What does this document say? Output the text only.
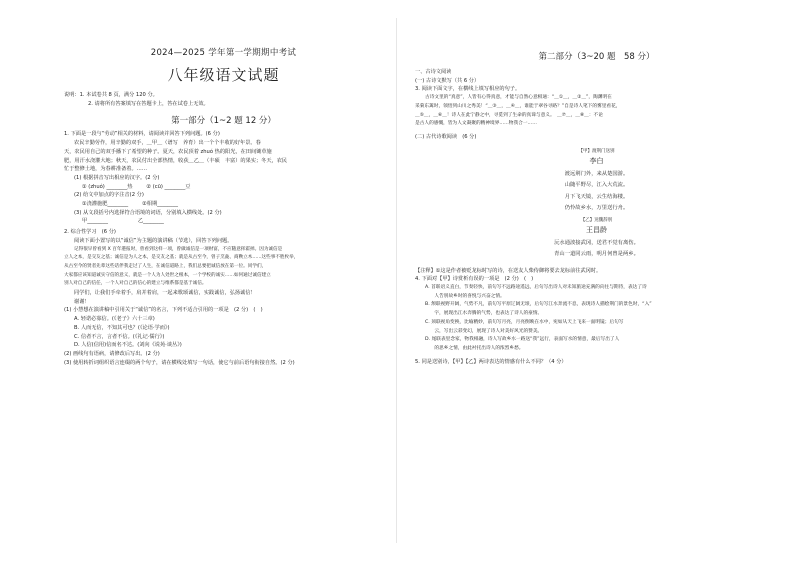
2024—2025 学年第一学期期中考试
八年级语文试题
说明：1. 本试卷共 8 页，满分 120 分。
2. 请将所有答案填写在答题卡上，答在试卷上无效。
第一部分（1~2 题 12 分）
1. 下面是一段与“劳动”相关的材料，请阅读并回答下列问题。(6 分)
农民辛勤劳作，用辛勤的双手，＿甲＿（谱写　养育）出一个个丰收的好年景。春
天，农民用自己的双手播下了希望的种子。夏天，农民顶着 zhuó 热的阳光，在田间锄草施
肥，用汗水浇灌大地；秋天，农民付出全部热情，收获＿乙＿（丰硕　丰富）的果实；冬天，农民
忙于整修土地，为春耕准备着。……
(1) 根据拼音写出相应的汉字。(2 分)
① (zhuó) ________热	② (cū) ________豆
(2) 给文中加点的字注音(2 分)
①浇灌施肥________	②相期________
(3) 从文段括号内选择符合语境的词语，分别填入横线处。(2 分)
甲________	乙________
2. 综合性学习　(6 分)
阅读下面小置写的以“诚信”为主题的演讲稿（节选），回答下列问题。
记得很早曾看到 X 百年港报时，曾看到这样一项，曾做诚信是一项财富，不应随意挥霍掉。因为诚信是
立人之本，是交友之基；诚信是为人之本，是交友之基；就是从古至今，曾子烹彘、商鞅立木……这些事不胜枚举，
从古至今的贤者先辈这些话伴我走过了人生，在诚信道路上，我们总要把诚信放在第一位。同学们，
大家都应该知道诚实守信的意义，就是一个人为人处世之根本，一个学校的诚实……如何通过诚信建立
别人对自己的信任，一个人对自己的信心的建立与维系都是基于诚信。
同学们，让我们手牵着手，肩并着肩，一起来歌颂诚信，实践诚信，弘扬诚信！
谢谢！
(1) 小慧想在演讲稿中引用关于“诚信”的名言，下列不适合引用的一项是　(2 分)　(　)
A. 轻诺必寡信。(《老子》六十三章)
B. 人而无信，不知其可也？(《论语·学而》)
C. 信者不言，言者不信。(《礼记·儒行》)
D. 人信(信用)信而名不达。(刘向《说苑·谈丛》)
(2) 画线句有语病，请修改后写出。(2 分)
(3) 使用转折词组织语言连缀的两个句子，请在横线处填写一句话，使它与前后语句衔接自然。(2 分)
第二部分（3~20 题　58 分）
一、古诗文阅读
(一) 古诗文默写（共 6 分）
3. 阅读下面文字，在横线上填写相应的句子。
古诗文里的“真意”，人皆有心得真意，才能与自然心意相通：“＿①＿，＿②＿”，陶渊明在
采菊东篱时，领悟到山川之秀美！“＿③＿，＿④＿，谁能于翠谷寻路？”自是诗人笔下的雾里看花，
＿⑤＿，＿⑥＿！诗人在此宁静之中，寻觅到了生命的真谛与意义。　＿⑦＿，＿⑧＿：不论
是古人的感慨，皆为人文凝聚的精神境界……物我合一……
(二) 古代诗歌阅读　(6 分)
【甲】渡荆门送别
李白
渡远荆门外，来从楚国游。
山随平野尽，江入大荒流。
月下飞天镜，云生结海楼。
仍怜故乡水，万里送行舟。
【乙】送魏辞别
王昌龄
沅水通波接武冈，送君不觉有离伤。
青山一道同云雨，明月何曾是两乡。
【注释】①这是作者被贬龙标时写的诗，在送友人柴侍御将要去龙标前往武冈时。
4. 下面对【甲】诗赏析有误的一项是　(2 分)　(　)
A. 首联语义直白，节奏轻快，前句写不远路途遥远，后句写出诗人对未知旅途充满的向往与期待，表达了诗
　　人告别故乡时的喜悦与兴奋之情。
B. 颔联视野开阔，气势不凡，前句写平原辽阔无垠，后句写江水奔流不息，表现诗人描绘荆门的景色时，“入”
　　字，展现出江水奔腾的气势，也表达了诗人的豪情。
C. 颈联视角变换，比喻精妙，前句写月亮，月亮倒映在水中，宛如从天上飞来一面明镜；后句写
　　云，写出云彩变幻，展现了诗人对美好风光的赞美。
D. 尾联表里念家，物我相融，诗人写故乡水一路送“我”远行，表面写水的情意，最后写出了人
　　的思乡之情，由此衬托出诗人的浓烈乡愁。
5. 同是送别诗，【甲】【乙】两诗表达的情感有什么不同？（4 分）
